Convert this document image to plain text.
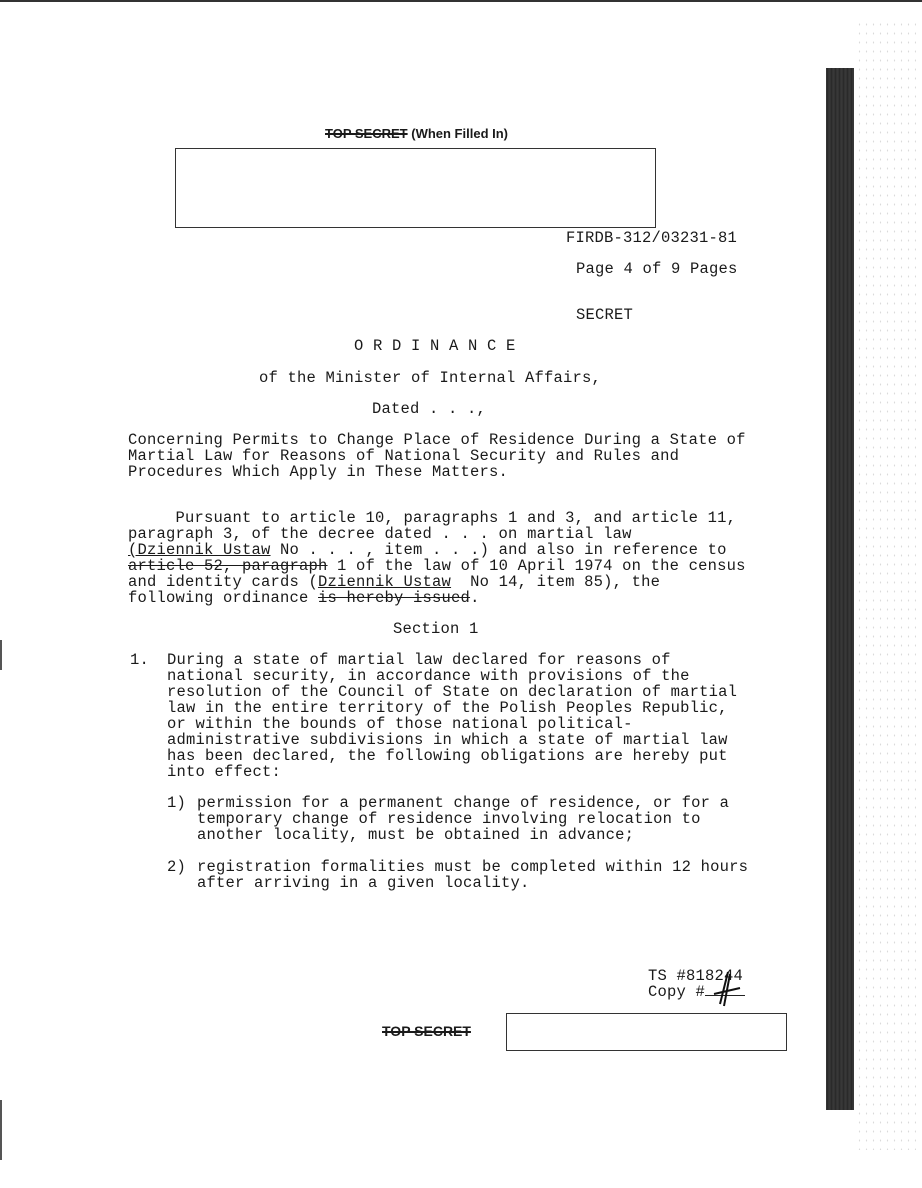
TOP SECRET (When Filled In)
FIRDB-312/03231-81
Page 4 of 9 Pages
SECRET
O R D I N A N C E
of the Minister of Internal Affairs,
Dated . . .,
Concerning Permits to Change Place of Residence During a State of
Martial Law for Reasons of National Security and Rules and
Procedures Which Apply in These Matters.
Pursuant to article 10, paragraphs 1 and 3, and article 11,
paragraph 3, of the decree dated . . . on martial law
(Dziennik Ustaw No . . . , item . . .) and also in reference to
article 52, paragraph 1 of the law of 10 April 1974 on the census
and identity cards (Dziennik Ustaw  No 14, item 85), the
following ordinance is hereby issued.
Section 1
1. During a state of martial law declared for reasons of
national security, in accordance with provisions of the
resolution of the Council of State on declaration of martial
law in the entire territory of the Polish Peoples Republic,
or within the bounds of those national political-
administrative subdivisions in which a state of martial law
has been declared, the following obligations are hereby put
into effect:
1) permission for a permanent change of residence, or for a
temporary change of residence involving relocation to
another locality, must be obtained in advance;
2) registration formalities must be completed within 12 hours
after arriving in a given locality.
TS #818244
Copy #
TOP SECRET
